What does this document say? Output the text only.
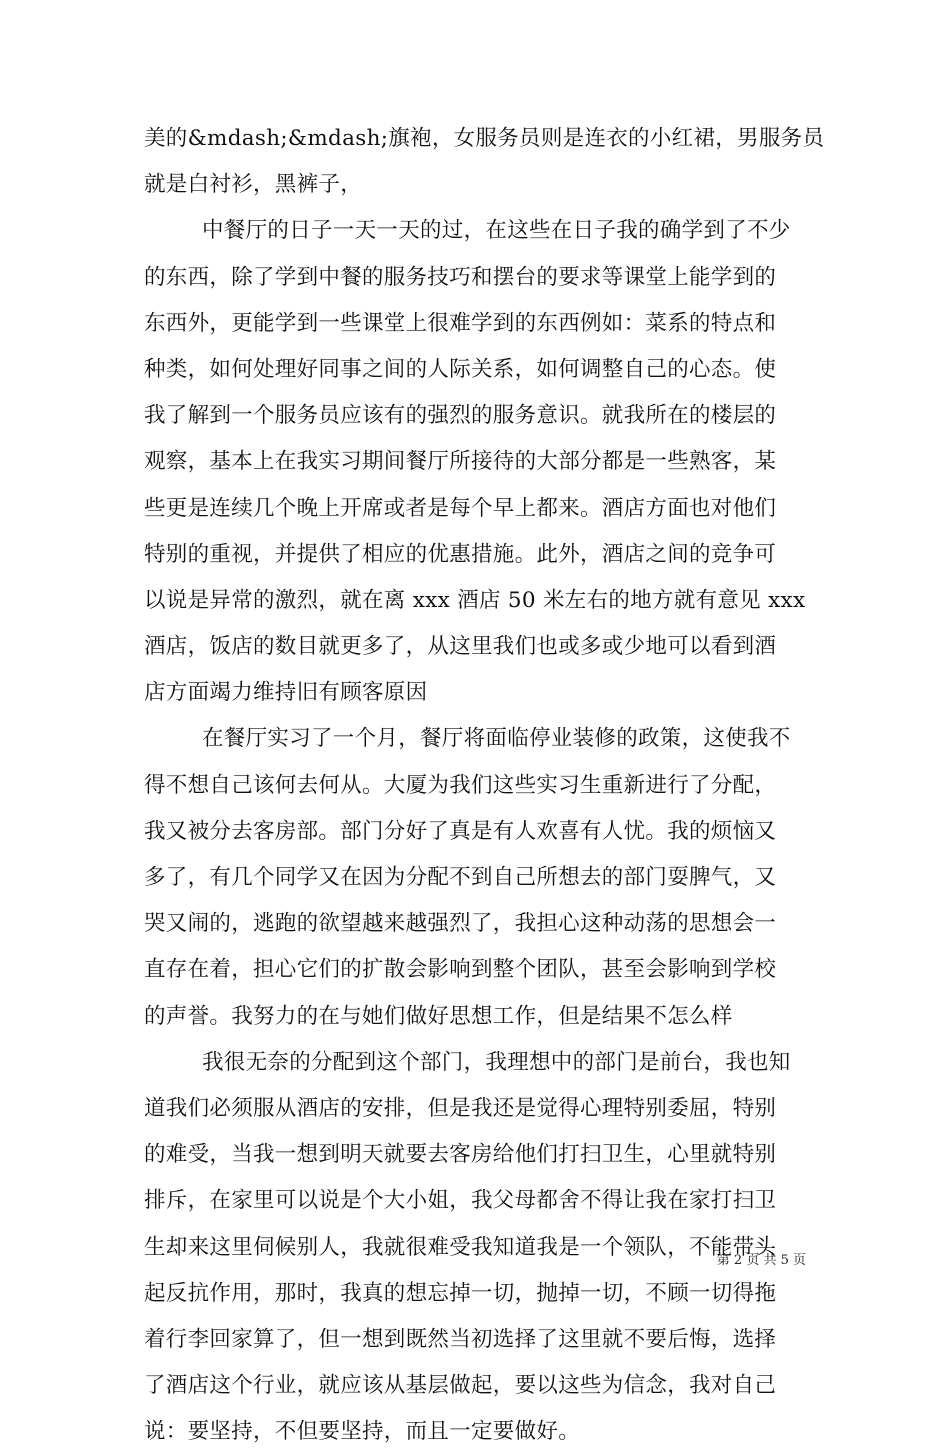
美的&mdash;&mdash;旗袍，女服务员则是连衣的小红裙，男服务员
就是白衬衫，黑裤子，
中餐厅的日子一天一天的过，在这些在日子我的确学到了不少
的东西，除了学到中餐的服务技巧和摆台的要求等课堂上能学到的
东西外，更能学到一些课堂上很难学到的东西例如：菜系的特点和
种类，如何处理好同事之间的人际关系，如何调整自己的心态。使
我了解到一个服务员应该有的强烈的服务意识。就我所在的楼层的
观察，基本上在我实习期间餐厅所接待的大部分都是一些熟客，某
些更是连续几个晚上开席或者是每个早上都来。酒店方面也对他们
特别的重视，并提供了相应的优惠措施。此外，酒店之间的竞争可
以说是异常的激烈，就在离 xxx 酒店 50 米左右的地方就有意见 xxx
酒店，饭店的数目就更多了，从这里我们也或多或少地可以看到酒
店方面竭力维持旧有顾客原因
在餐厅实习了一个月，餐厅将面临停业装修的政策，这使我不
得不想自己该何去何从。大厦为我们这些实习生重新进行了分配，
我又被分去客房部。部门分好了真是有人欢喜有人忧。我的烦恼又
多了，有几个同学又在因为分配不到自己所想去的部门耍脾气，又
哭又闹的，逃跑的欲望越来越强烈了，我担心这种动荡的思想会一
直存在着，担心它们的扩散会影响到整个团队，甚至会影响到学校
的声誉。我努力的在与她们做好思想工作，但是结果不怎么样
我很无奈的分配到这个部门，我理想中的部门是前台，我也知
道我们必须服从酒店的安排，但是我还是觉得心理特别委屈，特别
的难受，当我一想到明天就要去客房给他们打扫卫生，心里就特别
排斥，在家里可以说是个大小姐，我父母都舍不得让我在家打扫卫
生却来这里伺候别人，我就很难受我知道我是一个领队，不能带头
起反抗作用，那时，我真的想忘掉一切，抛掉一切，不顾一切得拖
着行李回家算了，但一想到既然当初选择了这里就不要后悔，选择
了酒店这个行业，就应该从基层做起，要以这些为信念，我对自己
说：要坚持，不但要坚持，而且一定要做好。
第 2 页 共 5 页
